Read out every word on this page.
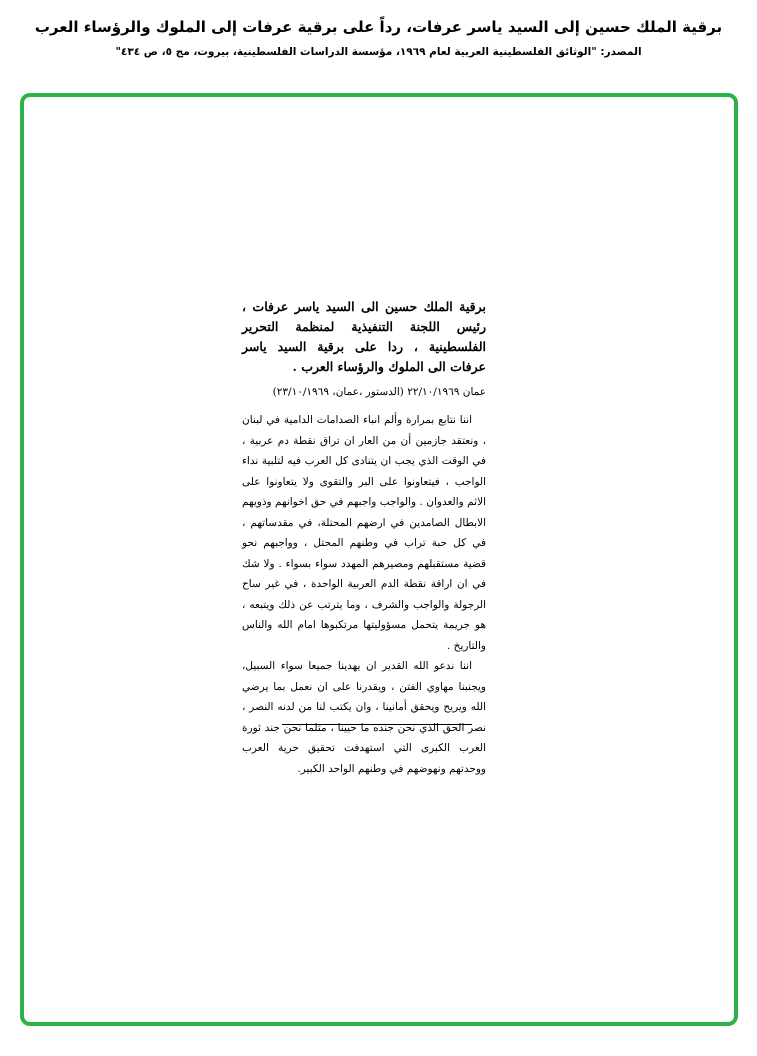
برقية الملك حسين إلى السيد ياسر عرفات، رداً على برقية عرفات إلى الملوك والرؤساء العرب

المصدر: "الوثائق الفلسطينية العربية لعام ١٩٦٩، مؤسسة الدراسات الفلسطينية، بيروت، مج ٥، ص ٤٣٤"

برقية الملك حسين الى السيد ياسر عرفات ، رئيس اللجنة التنفيذية لمنظمة التحرير الفلسطينية ، ردا على برقية السيد ياسر عرفات الى الملوك والرؤساء العرب .

عمان ٢٢/١٠/١٩٦٩ (الدستور ،عمان، ٢٣/١٠/١٩٦٩)

اننا نتابع بمرارة وألم انباء الصدامات الدامية في لبنان ، ونعتقد جازمين أن من العار ان تراق نقطة دم عربية ، في الوقت الذي يجب ان يتنادى كل العرب فيه لتلبية نداء الواجب ، فيتعاونوا على البر والتقوى ولا يتعاونوا على الاثم والعدوان . والواجب واجبهم في حق اخوانهم وذويهم الابطال الصامدين في ارضهم المحتلة، في مقدساتهم ، في كل حبة تراب في وطنهم المحتل ، وواجبهم نحو قضية مستقبلهم ومصيرهم المهدد سواء بسواء . ولا شك في ان اراقة نقطة الدم العربية الواحدة ، في غير ساح الرجولة والواجب والشرف ، وما يترتب عن ذلك ويتبعه ، هو جريمة يتحمل مسؤوليتها مرتكبوها امام الله والناس والتاريخ .

اننا ندعو الله القدير ان يهدينا جميعا سواء السبيل، ويجنبنا مهاوي الفتن ، ويقدرنا على ان نعمل بما يرضي الله ويريح ويحقق أمانينا ، وان يكتب لنا من لدنه النصر ، نصر الحق الذي نحن جنده ما حيينا ، مثلما نحن جند ثورة العرب الكبرى التي استهدفت تحقيق حرية العرب ووحدتهم ونهوضهم في وطنهم الواحد الكبير.
